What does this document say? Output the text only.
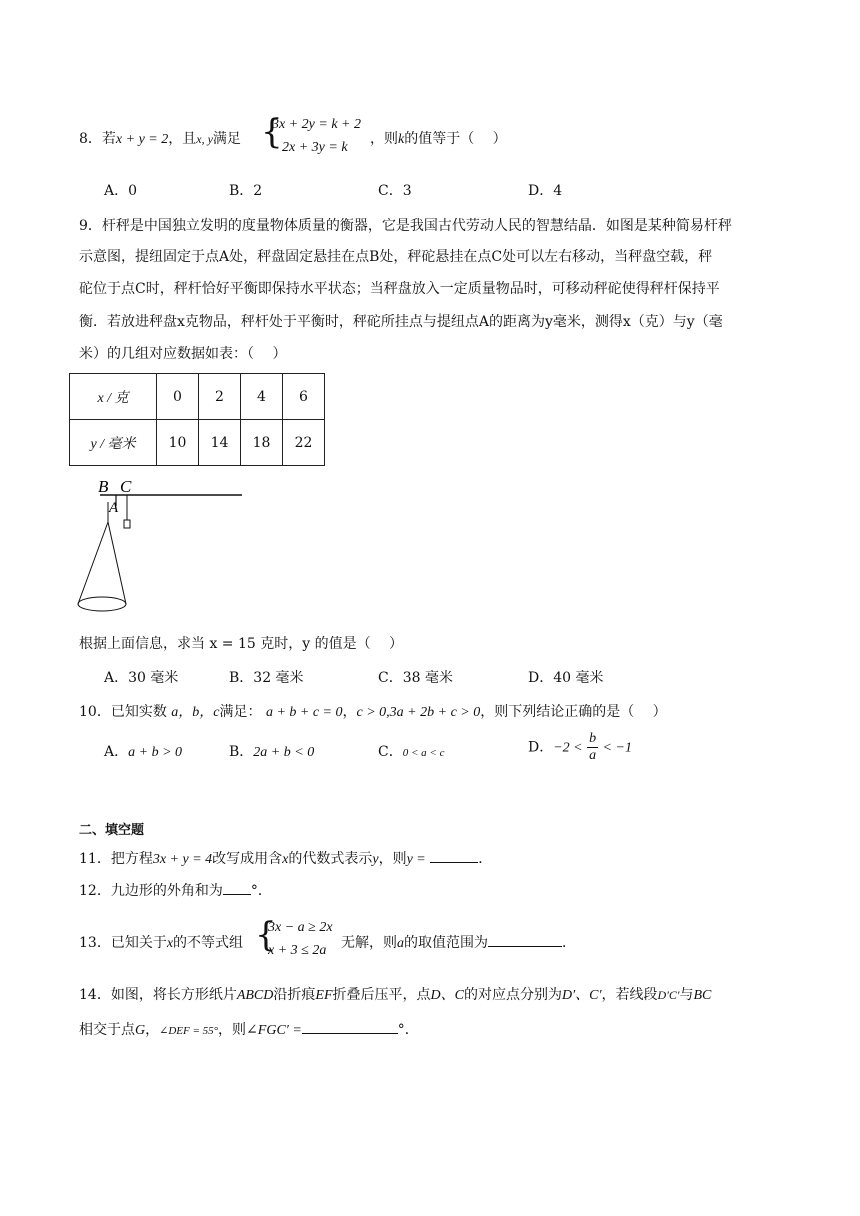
8．若x + y = 2，且x, y满足 {
3x + 2y = k + 2
2x + 3y = k
，则k的值等于（　 ）
A．0	B．2	C．3	D．4
9．杆秤是中国独立发明的度量物体质量的衡器，它是我国古代劳动人民的智慧结晶．如图是某种简易杆秤
示意图，提纽固定于点A处，秤盘固定悬挂在点B处，秤砣悬挂在点C处可以左右移动，当秤盘空载，秤
砣位于点C时，秤杆恰好平衡即保持水平状态；当秤盘放入一定质量物品时，可移动秤砣使得秤杆保持平
衡．若放进秤盘x克物品，秤杆处于平衡时，秤砣所挂点与提纽点A的距离为y毫米，测得x（克）与y（毫
米）的几组对应数据如表：（　 ）
x / 克	0	2	4	6
y / 毫米	10	14	18	22
B C
A
根据上面信息，求当 x = 15 克时，y 的值是（　 ）
A．30 毫米	B．32 毫米	C．38 毫米	D．40 毫米
10．已知实数 a，b，c满足： a + b + c = 0，c > 0,3a + 2b + c > 0，则下列结论正确的是（　 ）
A．a + b > 0	B．2a + b < 0	C．0 < a < c	D．$-2 < \frac{b}{a} < -1$
二、填空题
11．把方程3x + y = 4改写成用含x的代数式表示y，则y =	．
12．九边形的外角和为 °．
13．已知关于x的不等式组 {
3x − a ≥ 2x
x + 3 ≤ 2a 无解，则a的取值范围为	．
14．如图，将长方形纸片ABCD沿折痕EF折叠后压平，点D、C的对应点分别为D′、C′，若线段D′C′与BC
相交于点G，∠DEF = 55°，则∠FGC′ =	°．
